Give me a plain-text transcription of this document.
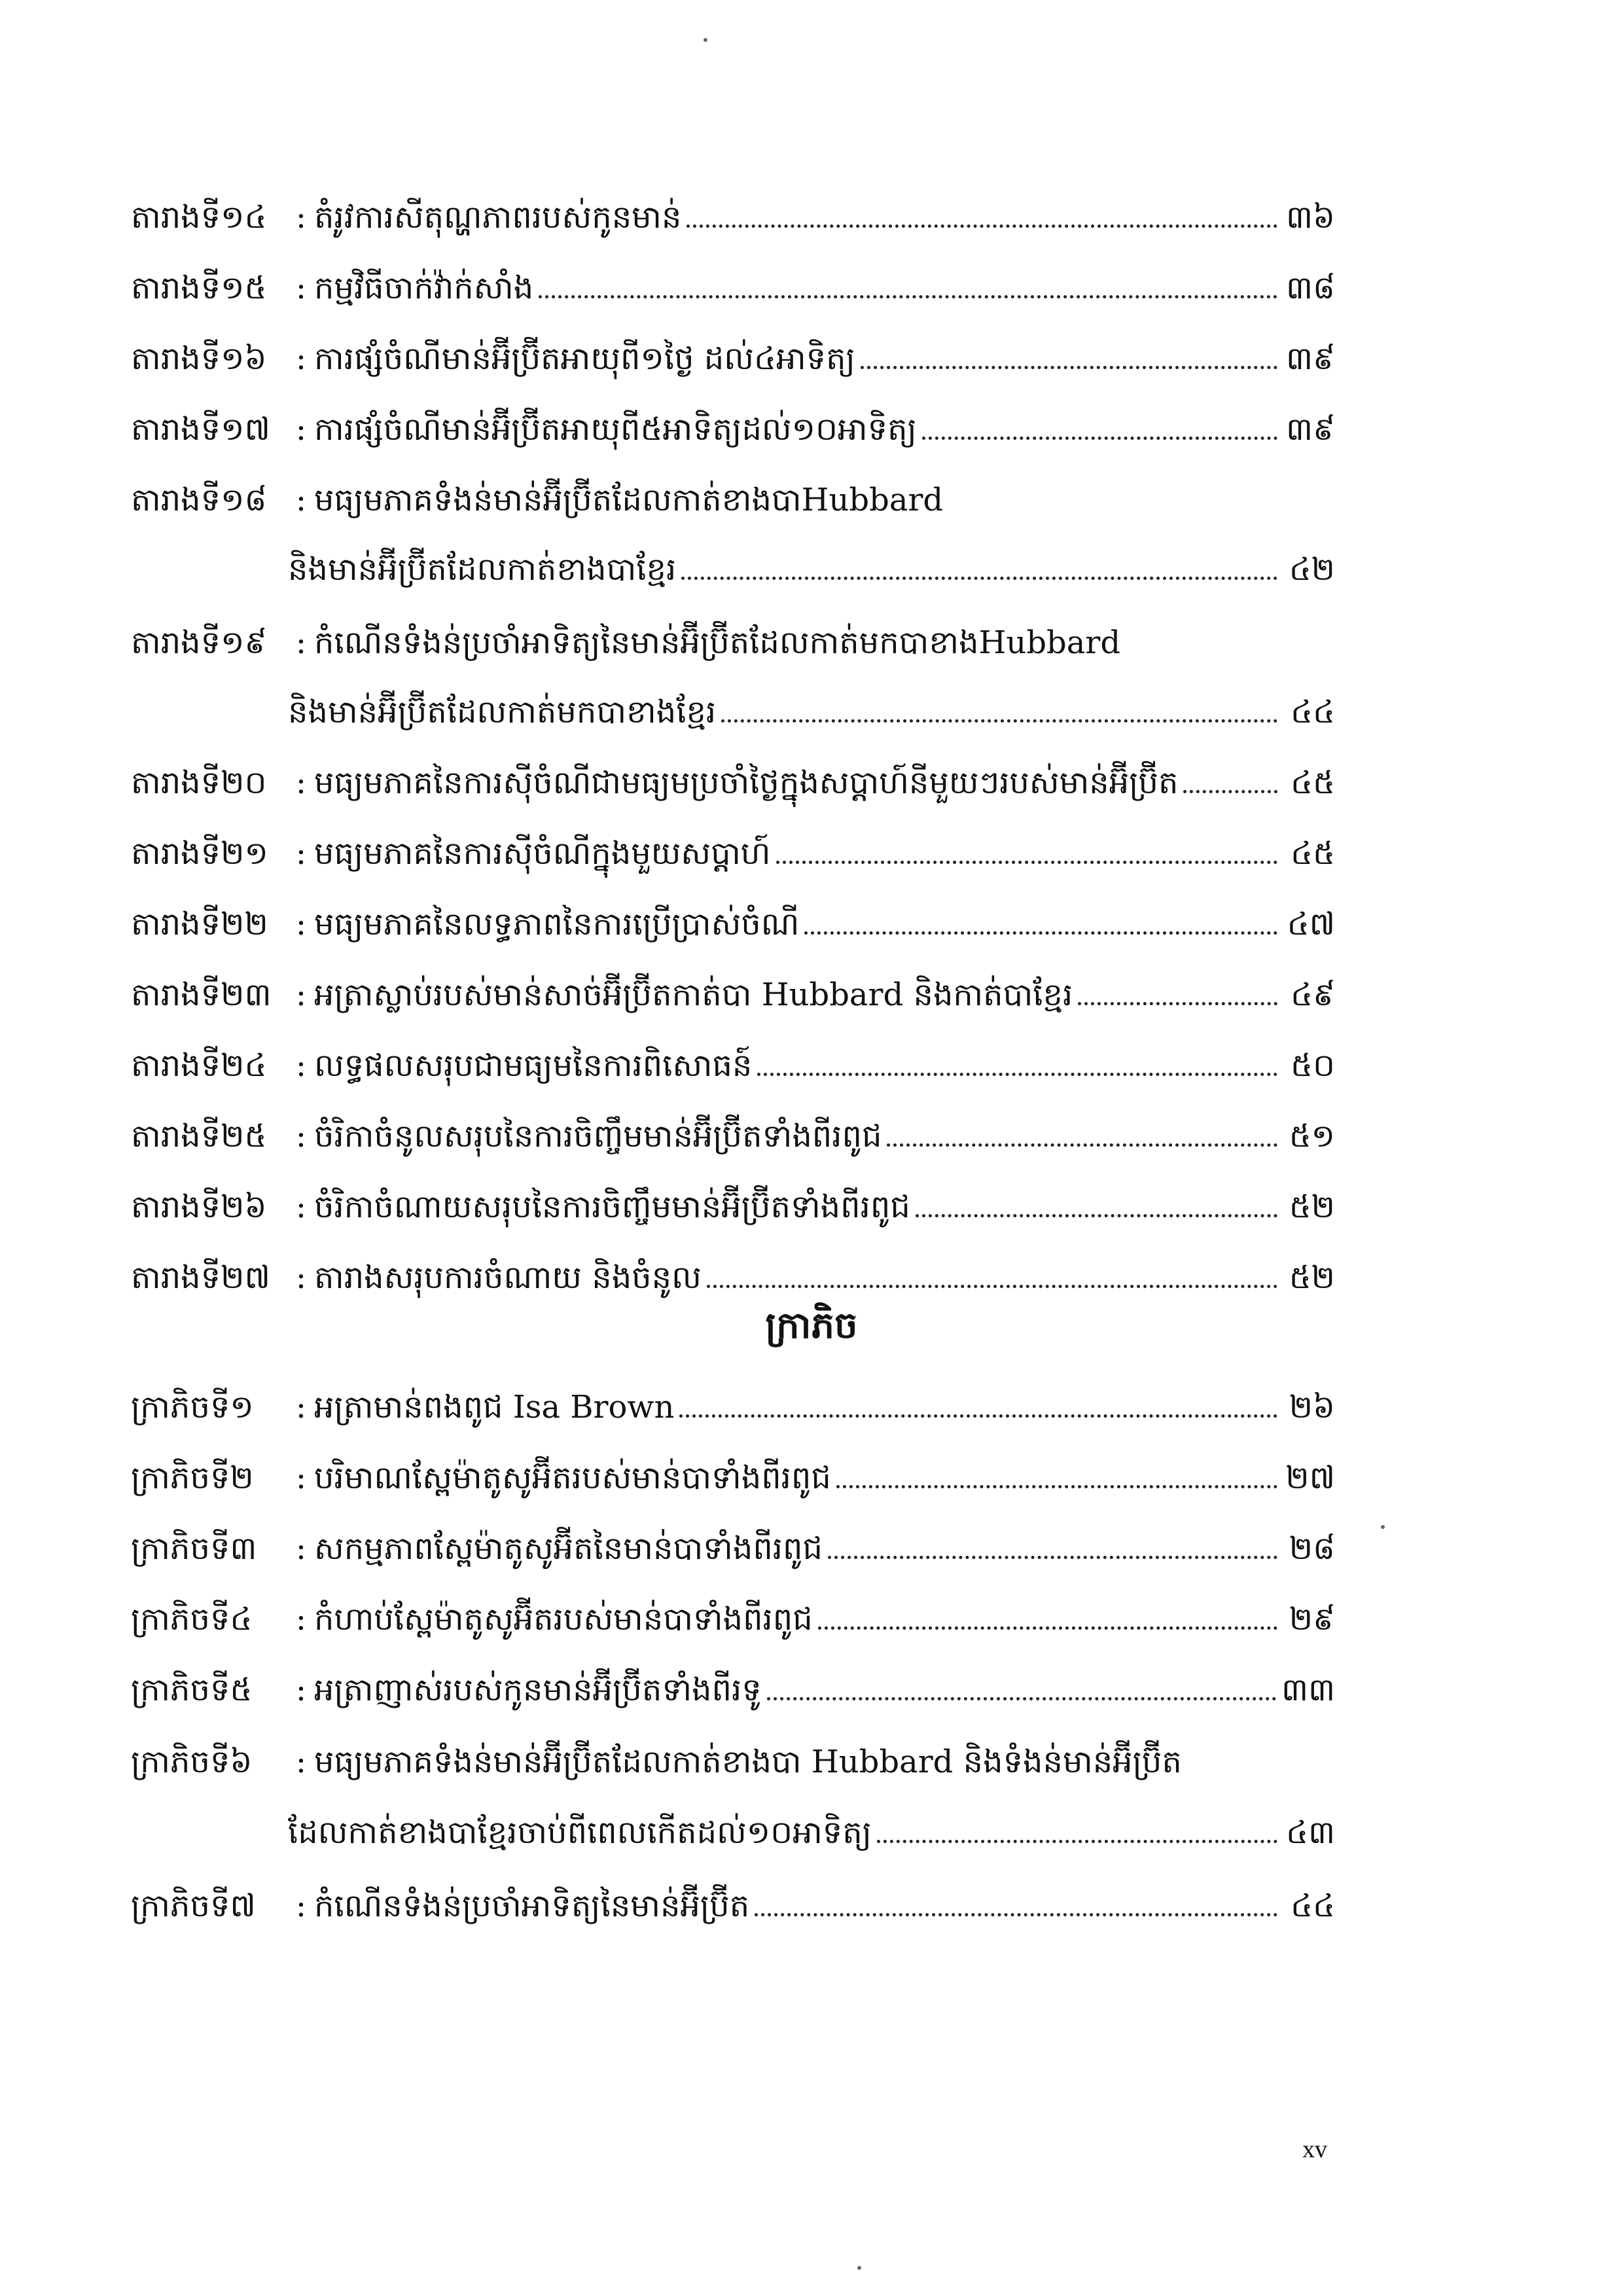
តារាងទី១៤ : តំរូវការសីតុណ្ហភាពរបស់កូនមាន់	៣៦
តារាងទី១៥ : កម្មវិធីចាក់វ៉ាក់សាំង	៣៨
តារាងទី១៦ : ការផ្សំចំណីមាន់អ៊ីប្រ៊ីតអាយុពី១ថ្ងៃ ដល់៤អាទិត្យ	៣៩
តារាងទី១៧ : ការផ្សំចំណីមាន់អ៊ីប្រ៊ីតអាយុពី៥អាទិត្យដល់១០អាទិត្យ	៣៩
តារាងទី១៨ : មធ្យមភាគទំងន់មាន់អ៊ីប្រ៊ីតដែលកាត់ខាងបាHubbard
និងមាន់អ៊ីប្រ៊ីតដែលកាត់ខាងបាខ្មែរ	៤២
តារាងទី១៩ : កំណើនទំងន់ប្រចាំអាទិត្យនៃមាន់អ៊ីប្រ៊ីតដែលកាត់មកបាខាងHubbard
និងមាន់អ៊ីប្រ៊ីតដែលកាត់មកបាខាងខ្មែរ	៤៤
តារាងទី២០ : មធ្យមភាគនៃការស៊ីចំណីជាមធ្យមប្រចាំថ្ងៃក្នុងសប្តាហ៍នីមួយៗរបស់មាន់អ៊ីប្រ៊ីត	៤៥
តារាងទី២១ : មធ្យមភាគនៃការស៊ីចំណីក្នុងមួយសប្តាហ៍	៤៥
តារាងទី២២ : មធ្យមភាគនៃលទ្ធភាពនៃការប្រើប្រាស់ចំណី	៤៧
តារាងទី២៣ : អត្រាស្លាប់របស់មាន់សាច់អ៊ីប្រ៊ីតកាត់បា Hubbard និងកាត់បាខ្មែរ	៤៩
តារាងទី២៤ : លទ្ធផលសរុបជាមធ្យមនៃការពិសោធន៍	៥០
តារាងទី២៥ : ចំរិកាចំនូលសរុបនៃការចិញ្ចឹមមាន់អ៊ីប្រ៊ីតទាំងពីរពូជ	៥១
តារាងទី២៦ : ចំរិកាចំណាយសរុបនៃការចិញ្ចឹមមាន់អ៊ីប្រ៊ីតទាំងពីរពូជ	៥២
តារាងទី២៧ : តារាងសរុបការចំណាយ និងចំនូល	៥២
ក្រាភិច
ក្រាភិចទី១	: អត្រាមាន់ពងពូជ Isa Brown	២៦
ក្រាភិចទី២	: បរិមាណស្ពែម៉ាតូសូអ៊ីតរបស់មាន់បាទាំងពីរពូជ	២៧
ក្រាភិចទី៣	: សកម្មភាពស្ពែម៉ាតូសូអ៊ីតនៃមាន់បាទាំងពីរពូជ	២៨
ក្រាភិចទី៤	: កំហាប់ស្ពែម៉ាតូសូអ៊ីតរបស់មាន់បាទាំងពីរពូជ	២៩
ក្រាភិចទី៥	: អត្រាញាស់របស់កូនមាន់អ៊ីប្រ៊ីតទាំងពីរទូ	៣៣
ក្រាភិចទី៦	: មធ្យមភាគទំងន់មាន់អ៊ីប្រ៊ីតដែលកាត់ខាងបា Hubbard និងទំងន់មាន់អ៊ីប្រ៊ីត
ដែលកាត់ខាងបាខ្មែរចាប់ពីពេលកើតដល់១០អាទិត្យ	៤៣
ក្រាភិចទី៧	: កំណើនទំងន់ប្រចាំអាទិត្យនៃមាន់អ៊ីប្រ៊ីត	៤៤
xv
